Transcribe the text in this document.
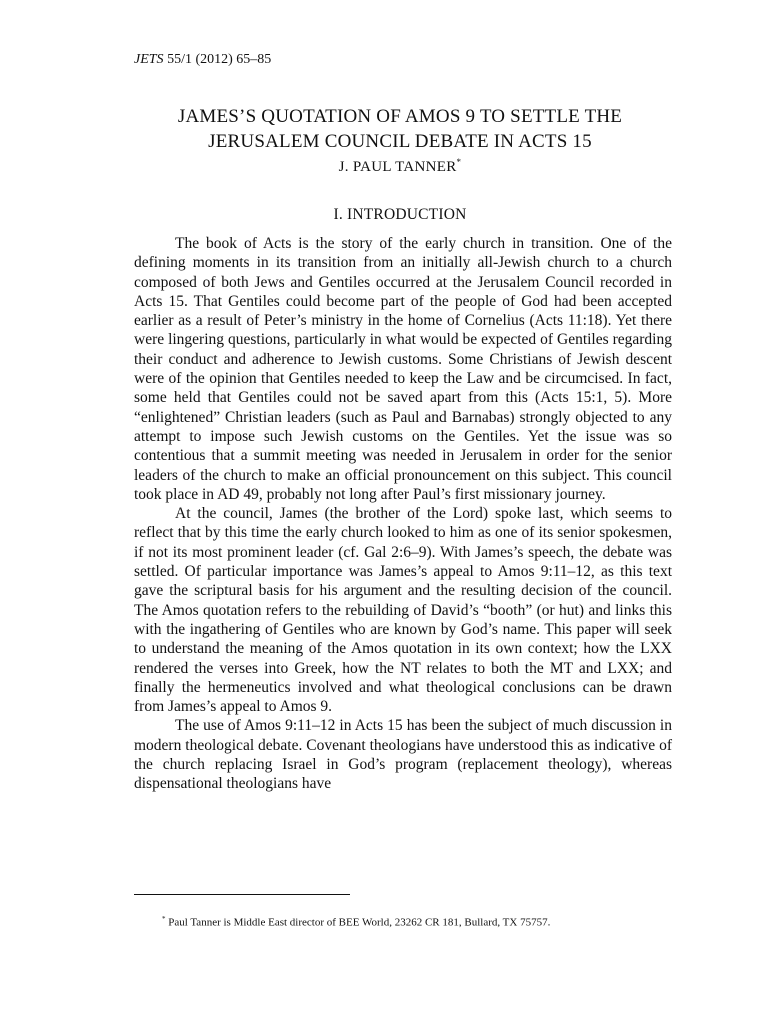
JETS 55/1 (2012) 65–85
JAMES’S QUOTATION OF AMOS 9 TO SETTLE THE
JERUSALEM COUNCIL DEBATE IN ACTS 15
J. PAUL TANNER*
I. INTRODUCTION

The book of Acts is the story of the early church in transition. One of the defining moments in its transition from an initially all-Jewish church to a church composed of both Jews and Gentiles occurred at the Jerusalem Council recorded in Acts 15. That Gentiles could become part of the people of God had been accepted earlier as a result of Peter’s ministry in the home of Cornelius (Acts 11:18). Yet there were lingering questions, particularly in what would be expected of Gentiles regarding their conduct and adherence to Jewish customs. Some Christians of Jewish descent were of the opinion that Gentiles needed to keep the Law and be circumcised. In fact, some held that Gentiles could not be saved apart from this (Acts 15:1, 5). More “enlightened” Christian leaders (such as Paul and Barnabas) strongly objected to any attempt to impose such Jewish customs on the Gentiles. Yet the issue was so contentious that a summit meeting was needed in Jerusalem in order for the senior leaders of the church to make an official pronouncement on this subject. This council took place in AD 49, probably not long after Paul’s first missionary journey.

At the council, James (the brother of the Lord) spoke last, which seems to reflect that by this time the early church looked to him as one of its senior spokesmen, if not its most prominent leader (cf. Gal 2:6–9). With James’s speech, the debate was settled. Of particular importance was James’s appeal to Amos 9:11–12, as this text gave the scriptural basis for his argument and the resulting decision of the council. The Amos quotation refers to the rebuilding of David’s “booth” (or hut) and links this with the ingathering of Gentiles who are known by God’s name. This paper will seek to understand the meaning of the Amos quotation in its own context; how the LXX rendered the verses into Greek, how the NT relates to both the MT and LXX; and finally the hermeneutics involved and what theological conclusions can be drawn from James’s appeal to Amos 9.

The use of Amos 9:11–12 in Acts 15 has been the subject of much discussion in modern theological debate. Covenant theologians have understood this as indicative of the church replacing Israel in God’s program (replacement theology), whereas dispensational theologians have

* Paul Tanner is Middle East director of BEE World, 23262 CR 181, Bullard, TX 75757.
